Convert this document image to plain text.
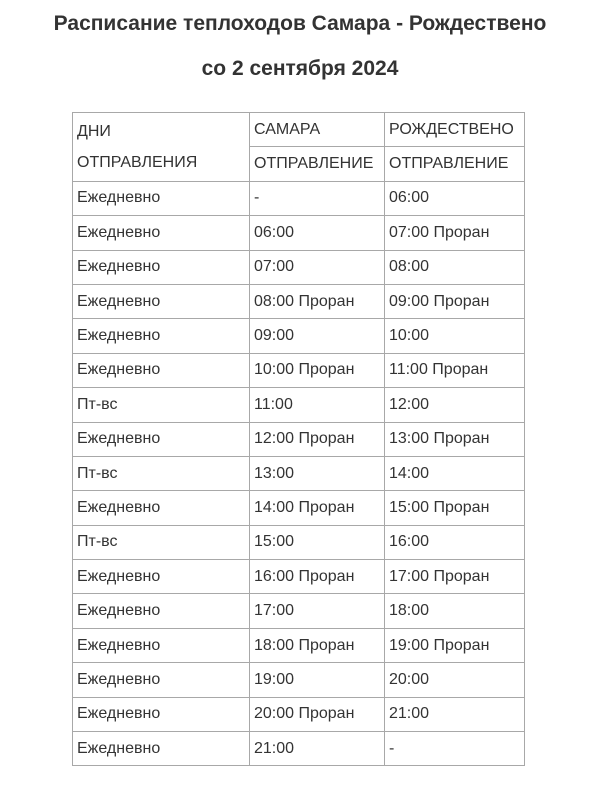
Расписание теплоходов Самара - Рождествено
со 2 сентября 2024
ДНИ
ОТПРАВЛЕНИЯ	САМАРА	РОЖДЕСТВЕНО
	ОТПРАВЛЕНИЕ	ОТПРАВЛЕНИЕ
Ежедневно	-	06:00
Ежедневно	06:00	07:00 Проран
Ежедневно	07:00	08:00
Ежедневно	08:00 Проран	09:00 Проран
Ежедневно	09:00	10:00
Ежедневно	10:00 Проран	11:00 Проран
Пт-вс	11:00	12:00
Ежедневно	12:00 Проран	13:00 Проран
Пт-вс	13:00	14:00
Ежедневно	14:00 Проран	15:00 Проран
Пт-вс	15:00	16:00
Ежедневно	16:00 Проран	17:00 Проран
Ежедневно	17:00	18:00
Ежедневно	18:00 Проран	19:00 Проран
Ежедневно	19:00	20:00
Ежедневно	20:00 Проран	21:00
Ежедневно	21:00	-
